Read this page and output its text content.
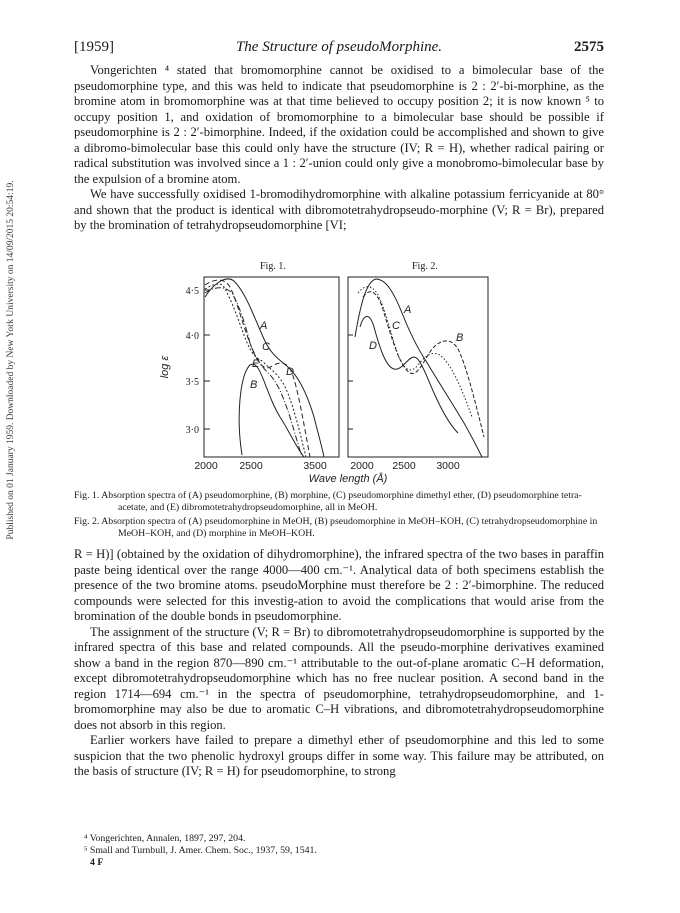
[1959]	The Structure of pseudoMorphine.	2575
Published on 01 January 1959. Downloaded by New York University on 14/09/2015 20:54:19.

Vongerichten ⁴ stated that bromomorphine cannot be oxidised to a bimolecular base of the pseudomorphine type, and this was held to indicate that pseudomorphine is 2 : 2′-bi-morphine, as the bromine atom in bromomorphine was at that time believed to occupy position 2; it is now known ⁵ to occupy position 1, and oxidation of bromomorphine to a bimolecular base should be possible if pseudomorphine is 2 : 2′-bimorphine. Indeed, if the oxidation could be accomplished and shown to give a dibromo-bimolecular base this could only have the structure (IV; R = H), whether radical pairing or radical substitution was involved since a 1 : 2′-union could only give a monobromo-bimolecular base by the expulsion of a bromine atom.

We have successfully oxidised 1-bromodihydromorphine with alkaline potassium ferricyanide at 80° and shown that the product is identical with dibromotetrahydropseudo-morphine (V; R = Br), prepared by the bromination of tetrahydropseudomorphine [VI;

Fig. 1.	Fig. 2.
4·5
4·0
3·5
3·0
log ε
2000 2500	3500 2000 2500 3000
Wave length (Å)
A
B
C
D
E
A
B
C
D

Fig. 1. Absorption spectra of (A) pseudomorphine, (B) morphine, (C) pseudomorphine dimethyl ether, (D) pseudomorphine tetra-acetate, and (E) dibromotetrahydropseudomorphine, all in MeOH.

Fig. 2. Absorption spectra of (A) pseudomorphine in MeOH, (B) pseudomorphine in MeOH–KOH, (C) tetrahydropseudomorphine in MeOH–KOH, and (D) morphine in MeOH–KOH.

R = H)] (obtained by the oxidation of dihydromorphine), the infrared spectra of the two bases in paraffin paste being identical over the range 4000—400 cm.⁻¹. Analytical data of both specimens establish the presence of the two bromine atoms. pseudoMorphine must therefore be 2 : 2′-bimorphine. The reduced compounds were selected for this investig-ation to avoid the complications that would arise from the bromination of the double bonds in pseudomorphine.

The assignment of the structure (V; R = Br) to dibromotetrahydropseudomorphine is supported by the infrared spectra of this base and related compounds. All the pseudo-morphine derivatives examined show a band in the region 870—890 cm.⁻¹ attributable to the out-of-plane aromatic C–H deformation, except dibromotetrahydropseudomorphine which has no free nuclear position. A second band in the region 1714—694 cm.⁻¹ in the spectra of pseudomorphine, tetrahydropseudomorphine, and 1-bromomorphine may also be due to aromatic C–H vibrations, and dibromotetrahydropseudomorphine does not absorb in this region.

Earlier workers have failed to prepare a dimethyl ether of pseudomorphine and this led to some suspicion that the two phenolic hydroxyl groups differ in some way. This failure may be attributed, on the basis of structure (IV; R = H) for pseudomorphine, to strong

⁴ Vongerichten, Annalen, 1897, 297, 204.
⁵ Small and Turnbull, J. Amer. Chem. Soc., 1937, 59, 1541.
4 F
